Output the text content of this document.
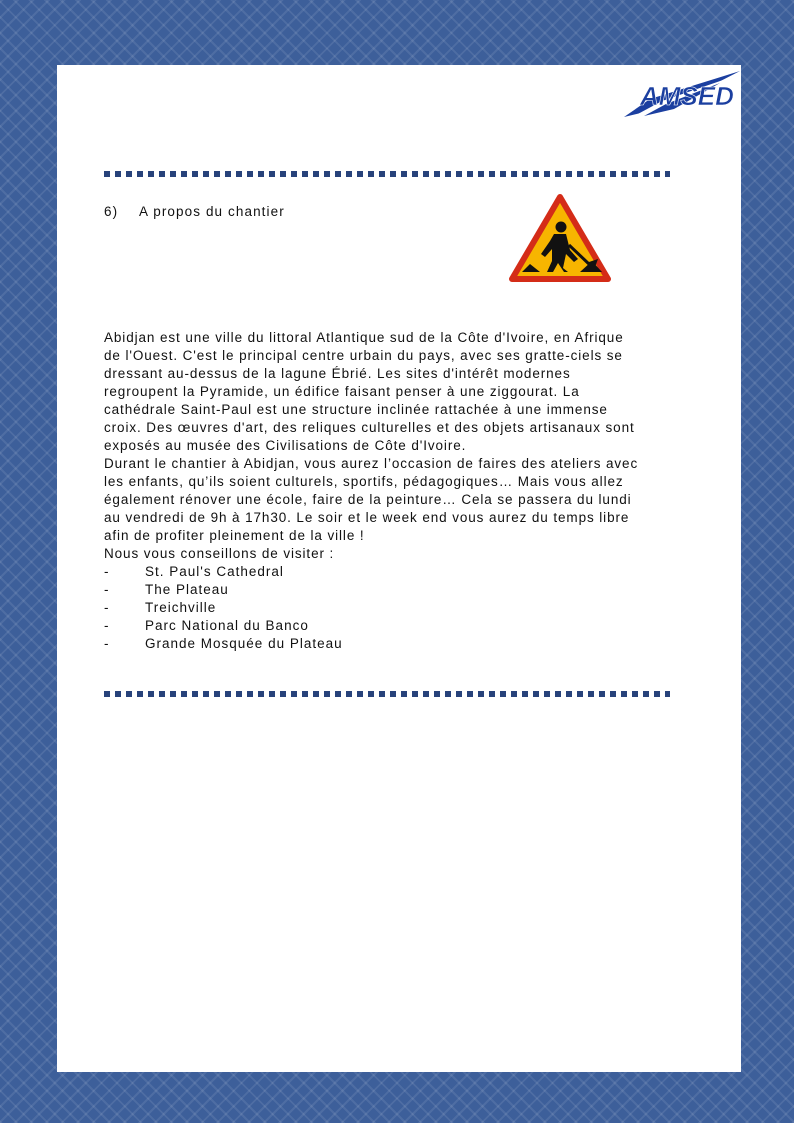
AMSED
6) A propos du chantier
Abidjan est une ville du littoral Atlantique sud de la Côte d'Ivoire, en Afrique
de l'Ouest. C'est le principal centre urbain du pays, avec ses gratte-ciels se
dressant au-dessus de la lagune Ébrié. Les sites d'intérêt modernes
regroupent la Pyramide, un édifice faisant penser à une ziggourat. La
cathédrale Saint-Paul est une structure inclinée rattachée à une immense
croix. Des œuvres d'art, des reliques culturelles et des objets artisanaux sont
exposés au musée des Civilisations de Côte d'Ivoire.
Durant le chantier à Abidjan, vous aurez l’occasion de faires des ateliers avec
les enfants, qu’ils soient culturels, sportifs, pédagogiques… Mais vous allez
également rénover une école, faire de la peinture… Cela se passera du lundi
au vendredi de 9h à 17h30. Le soir et le week end vous aurez du temps libre
afin de profiter pleinement de la ville !
Nous vous conseillons de visiter :
-	St. Paul's Cathedral
-	The Plateau
-	Treichville
-	Parc National du Banco
-	Grande Mosquée du Plateau
